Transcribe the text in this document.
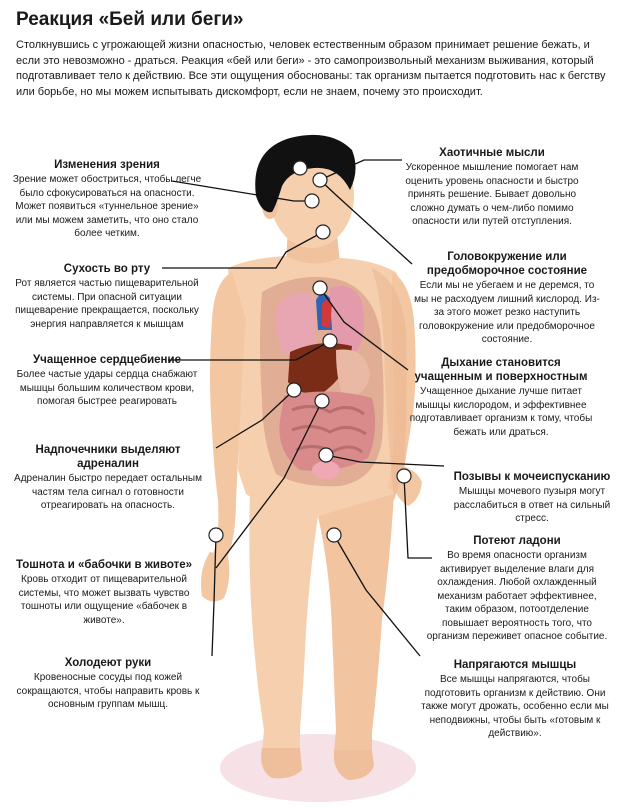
Реакция «Бей или беги»
Столкнувшись с угрожающей жизни опасностью, человек естественным образом принимает решение бежать, и если это невозможно - драться. Реакция «бей или беги» - это самопроизвольный механизм выживания, который подготавливает тело к действию. Все эти ощущения обоснованы: так организм пытается подготовить нас к бегству или борьбе, но мы можем испытывать дискомфорт, если не знаем, почему это происходит.
Изменения зрения
Зрение может обостриться, чтобы легче было сфокусироваться на опасности. Может появиться «туннельное зрение» или мы можем заметить, что оно стало более четким.
Сухость во рту
Рот является частью пищеварительной системы. При опасной ситуации пищеварение прекращается, поскольку энергия направляется к мышцам
Учащенное сердцебиение
Более частые удары сердца снабжают мышцы большим количеством крови, помогая быстрее реагировать
Надпочечники выделяют адреналин
Адреналин быстро передает остальным частям тела сигнал о готовности отреагировать на опасность.
Тошнота и «бабочки в животе»
Кровь отходит от пищеварительной системы, что может вызвать чувство тошноты или ощущение «бабочек в животе».
Холодеют руки
Кровеносные сосуды под кожей сокращаются, чтобы направить кровь к основным группам мышц.
Хаотичные мысли
Ускоренное мышление помогает нам оценить уровень опасности и быстро принять решение. Бывает довольно сложно думать о чем-либо помимо опасности или путей отступления.
Головокружение или предобморочное состояние
Если мы не убегаем и не деремся, то мы не расходуем лишний кислород. Из-за этого может резко наступить головокружение или предобморочное состояние.
Дыхание становится учащенным и поверхностным
Учащенное дыхание лучше питает мышцы кислородом, и эффективнее подготавливает организм к тому, чтобы бежать или драться.
Позывы к мочеиспусканию
Мышцы мочевого пузыря могут расслабиться в ответ на сильный стресс.
Потеют ладони
Во время опасности организм активирует выделение влаги для охлаждения. Любой охлажденный механизм работает эффективнее, таким образом, потоотделение повышает вероятность того, что организм переживет опасное событие.
Напрягаются мышцы
Все мышцы напрягаются, чтобы подготовить организм к действию. Они также могут дрожать, особенно если мы неподвижны, чтобы быть «готовым к действию».
